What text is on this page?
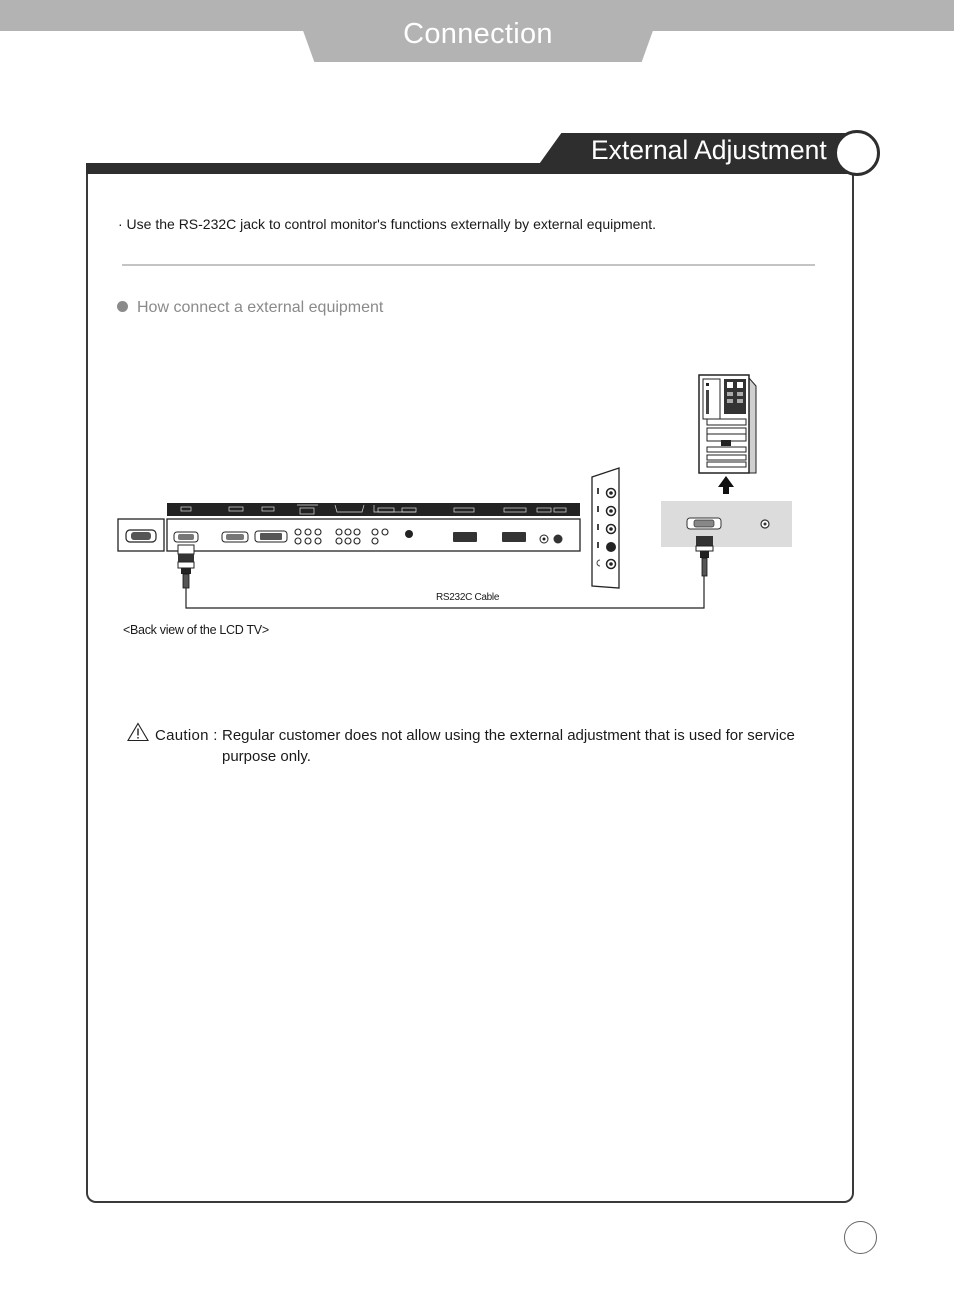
Connection
External Adjustment
· Use the RS-232C jack to control monitor's functions externally by external equipment.
How connect a external equipment
RS232C Cable
<Back view of the LCD TV>
Caution : Regular customer does not allow using the external adjustment that is used for service purpose only.
